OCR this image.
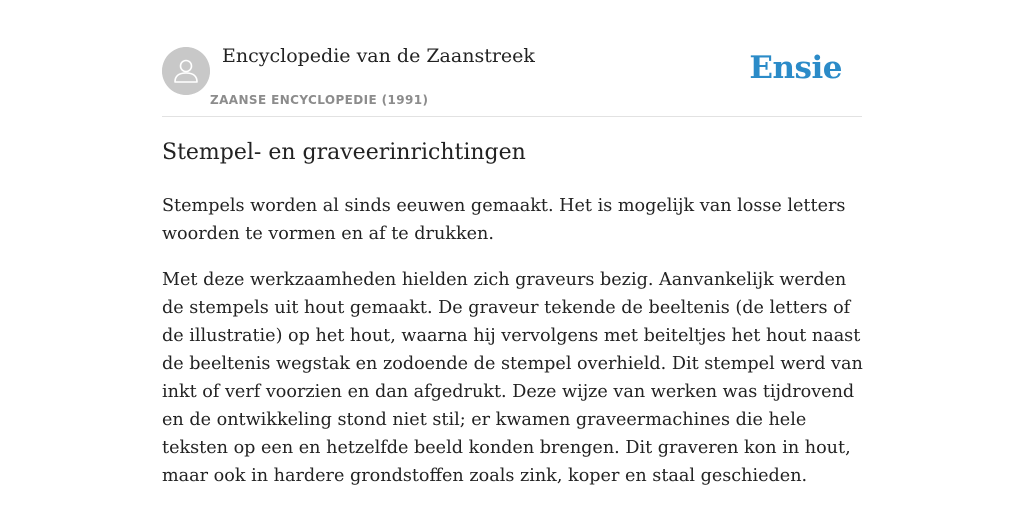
Encyclopedie van de Zaanstreek
ZAANSE ENCYCLOPEDIE (1991)
Ensie
Stempel- en graveerinrichtingen

Stempels worden al sinds eeuwen gemaakt. Het is mogelijk van losse letters woorden te vormen en af te drukken.

Met deze werkzaamheden hielden zich graveurs bezig. Aanvankelijk werden de stempels uit hout gemaakt. De graveur tekende de beeltenis (de letters of de illustratie) op het hout, waarna hij vervolgens met beiteltjes het hout naast de beeltenis wegstak en zodoende de stempel overhield. Dit stempel werd van inkt of verf voorzien en dan afgedrukt. Deze wijze van werken was tijdrovend en de ontwikkeling stond niet stil; er kwamen graveermachines die hele teksten op een en hetzelfde beeld konden brengen. Dit graveren kon in hout, maar ook in hardere grondstoffen zoals zink, koper en staal geschieden.
